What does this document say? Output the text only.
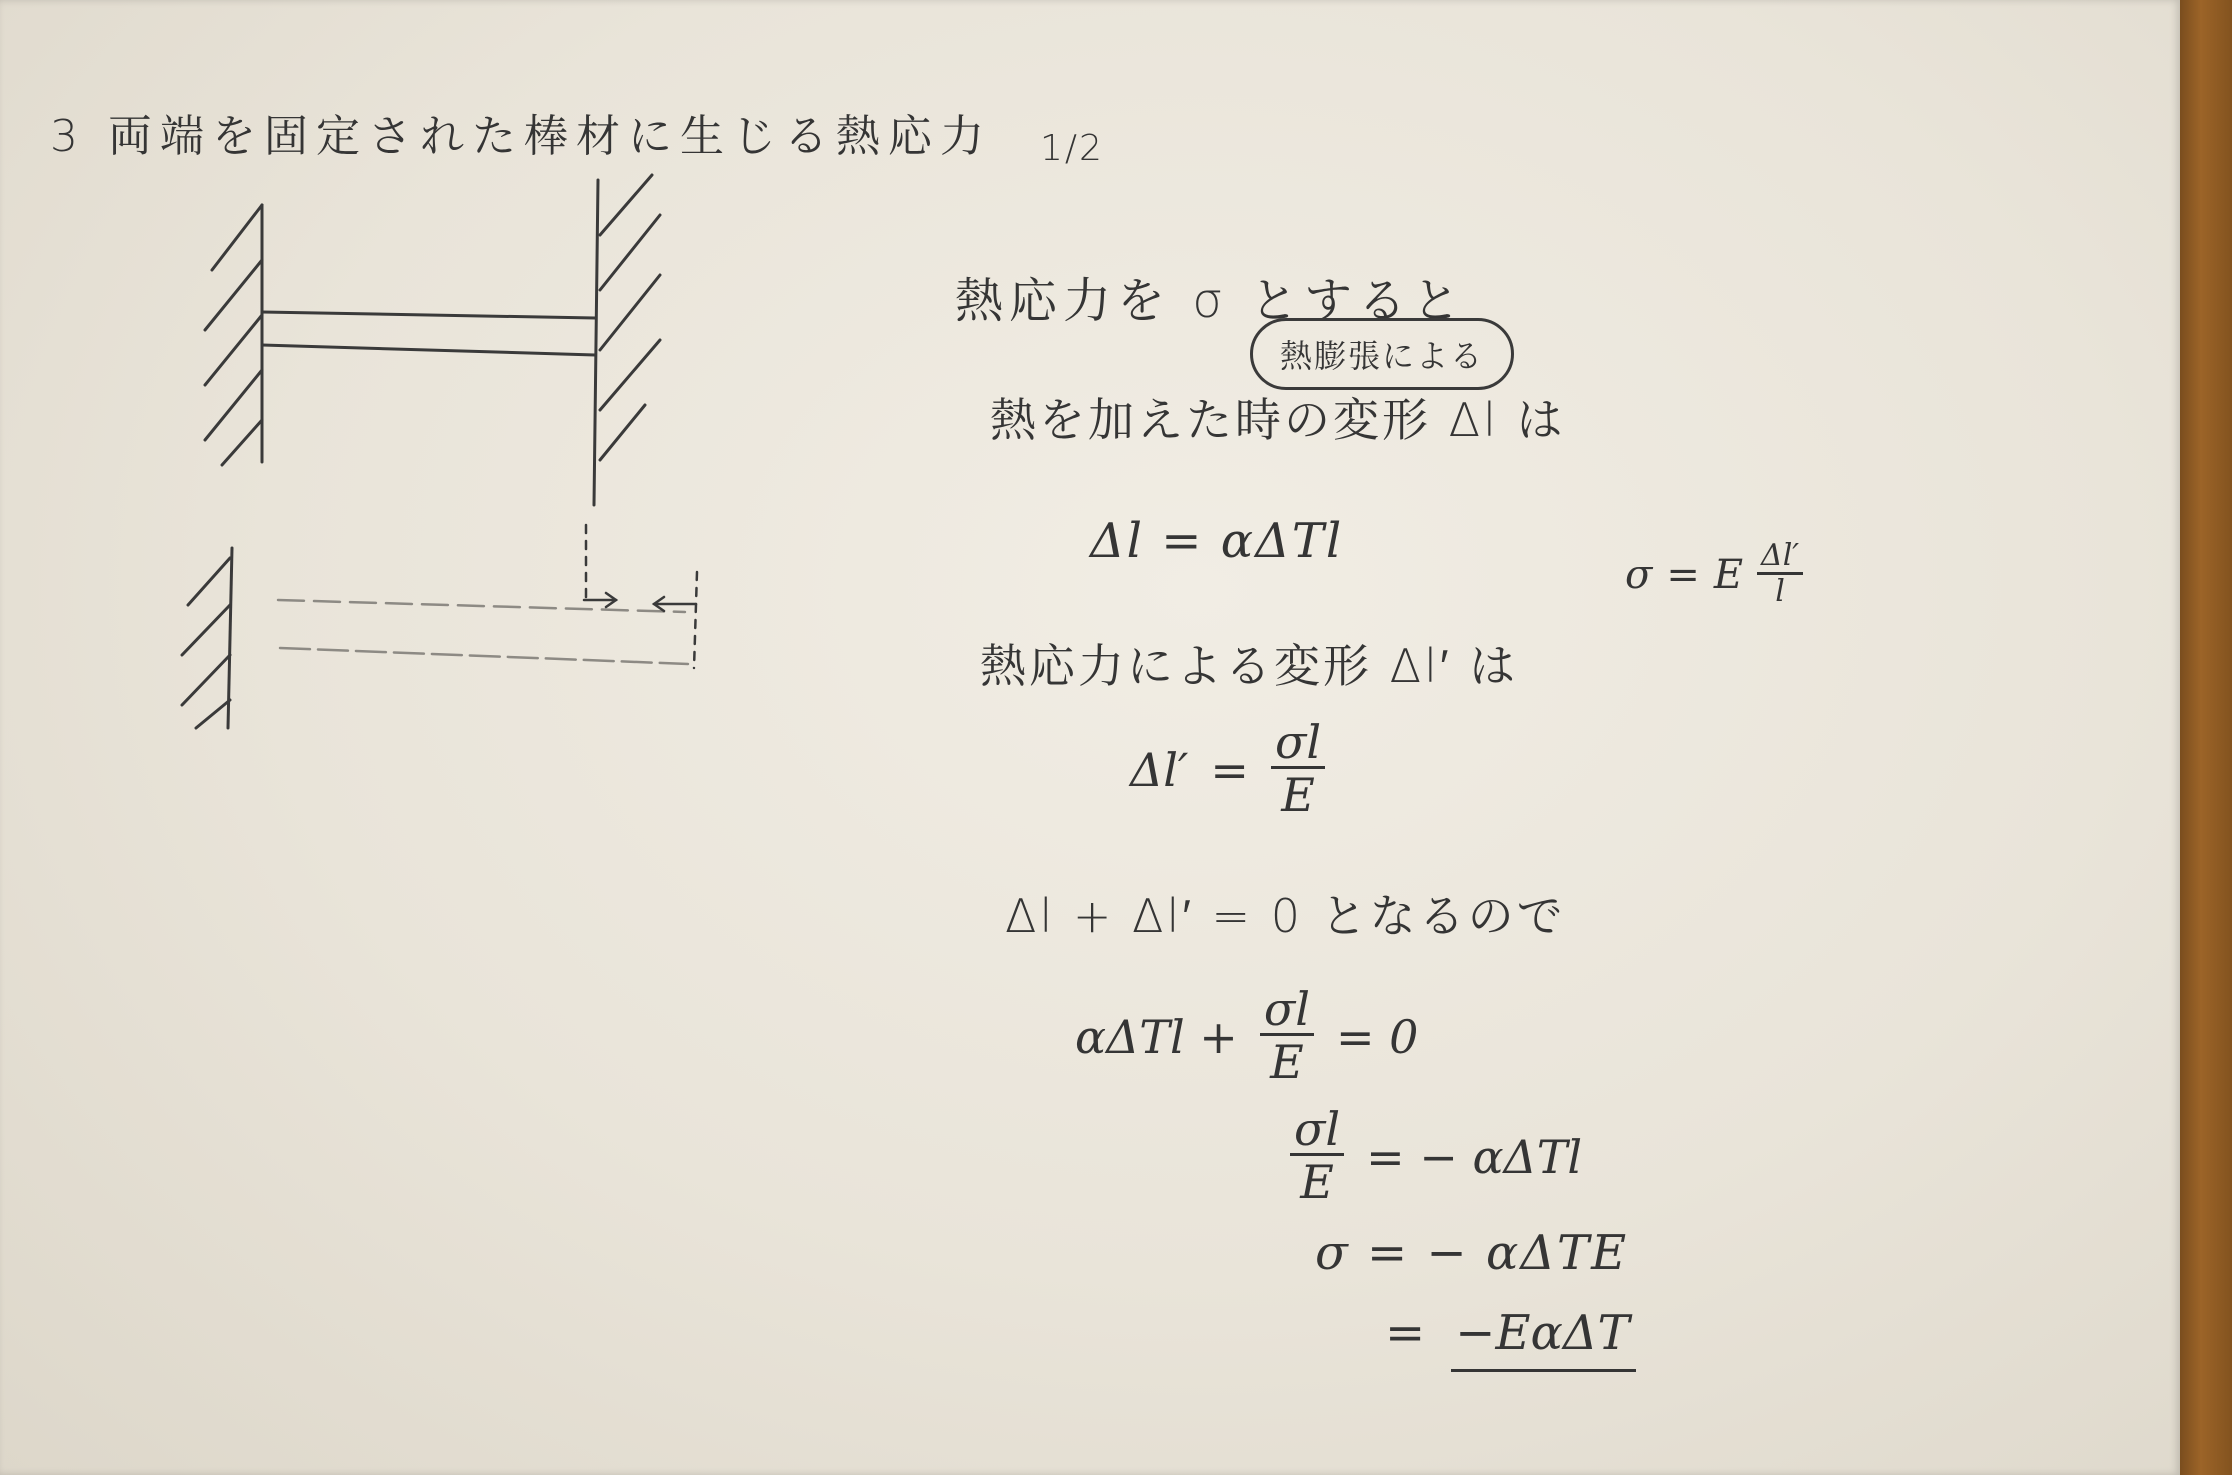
3 両端を固定された棒材に生じる熱応力 1/2
熱応力を σ とすると
熱膨張による
熱を加えた時の変形 Δl は
Δl = αΔTl
σ = E $\frac{\Delta l'}{l}$
熱応力による変形 Δl′ は
$\Delta l' = \frac{\sigma l}{E}$
Δl + Δl′ = 0 となるので
$\alpha\Delta Tl + \frac{\sigma l}{E} = 0$
$\frac{\sigma l}{E}$ = − αΔTl
σ = − αΔTE
= −EαΔT
